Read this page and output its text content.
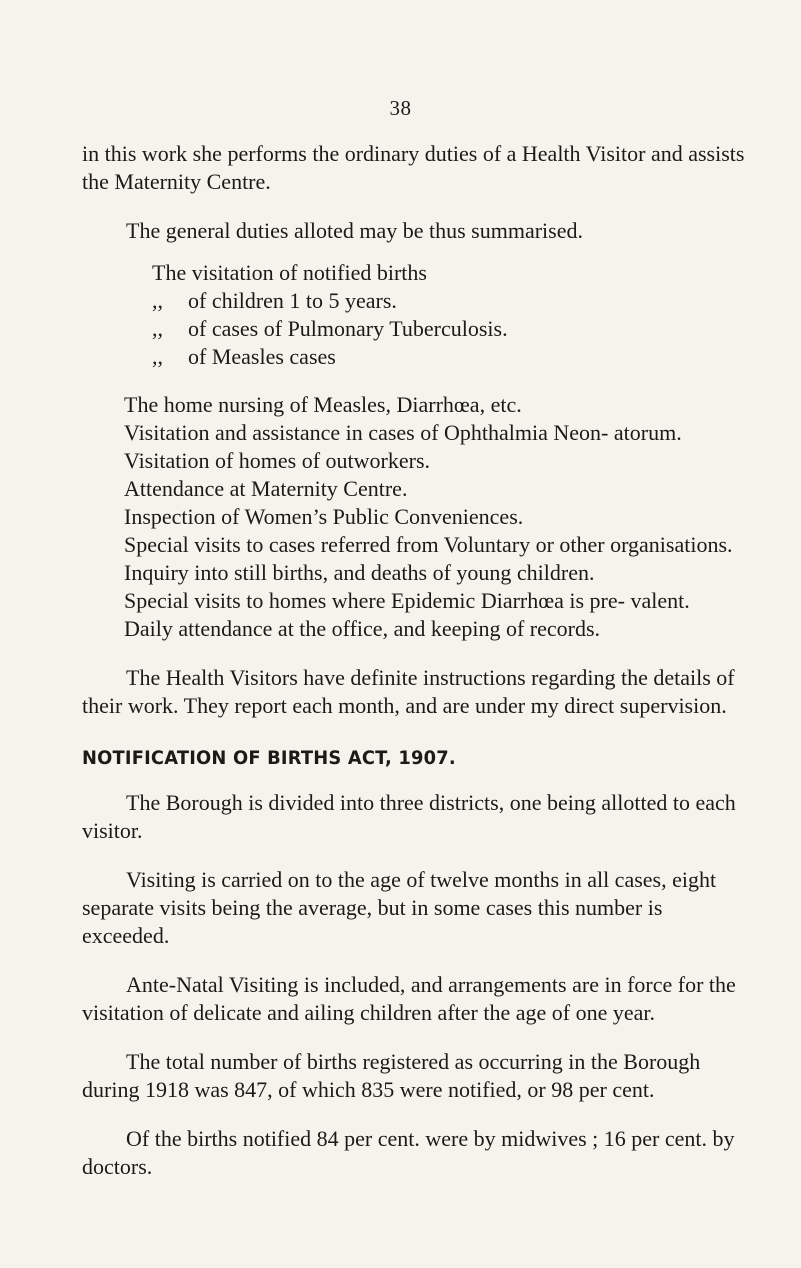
38

in this work she performs the ordinary duties of a Health Visitor and assists the Maternity Centre.

The general duties alloted may be thus summarised.

The visitation of notified births
,, of children 1 to 5 years.
,, of cases of Pulmonary Tuberculosis.
,, of Measles cases
The home nursing of Measles, Diarrhœa, etc.
Visitation and assistance in cases of Ophthalmia Neon- atorum.
Visitation of homes of outworkers.
Attendance at Maternity Centre.
Inspection of Women’s Public Conveniences.
Special visits to cases referred from Voluntary or other organisations.
Inquiry into still births, and deaths of young children.
Special visits to homes where Epidemic Diarrhœa is pre- valent.
Daily attendance at the office, and keeping of records.

The Health Visitors have definite instructions regarding the details of their work. They report each month, and are under my direct supervision.

NOTIFICATION OF BIRTHS ACT, 1907.

The Borough is divided into three districts, one being allotted to each visitor.

Visiting is carried on to the age of twelve months in all cases, eight separate visits being the average, but in some cases this number is exceeded.

Ante-Natal Visiting is included, and arrangements are in force for the visitation of delicate and ailing children after the age of one year.

The total number of births registered as occurring in the Borough during 1918 was 847, of which 835 were notified, or 98 per cent.

Of the births notified 84 per cent. were by midwives ; 16 per cent. by doctors.
